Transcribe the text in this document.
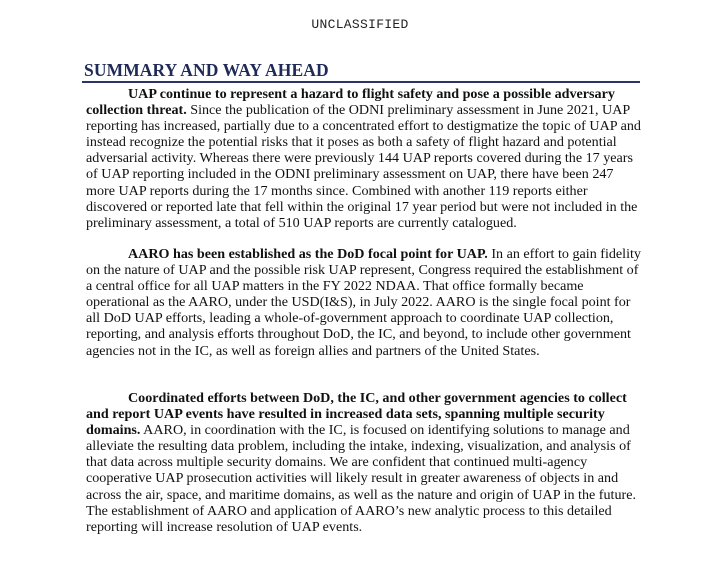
UNCLASSIFIED
SUMMARY AND WAY AHEAD

UAP continue to represent a hazard to flight safety and pose a possible adversary collection threat. Since the publication of the ODNI preliminary assessment in June 2021, UAP reporting has increased, partially due to a concentrated effort to destigmatize the topic of UAP and instead recognize the potential risks that it poses as both a safety of flight hazard and potential adversarial activity. Whereas there were previously 144 UAP reports covered during the 17 years of UAP reporting included in the ODNI preliminary assessment on UAP, there have been 247 more UAP reports during the 17 months since. Combined with another 119 reports either discovered or reported late that fell within the original 17 year period but were not included in the preliminary assessment, a total of 510 UAP reports are currently catalogued.

AARO has been established as the DoD focal point for UAP. In an effort to gain fidelity on the nature of UAP and the possible risk UAP represent, Congress required the establishment of a central office for all UAP matters in the FY 2022 NDAA. That office formally became operational as the AARO, under the USD(I&S), in July 2022. AARO is the single focal point for all DoD UAP efforts, leading a whole-of-government approach to coordinate UAP collection, reporting, and analysis efforts throughout DoD, the IC, and beyond, to include other government agencies not in the IC, as well as foreign allies and partners of the United States.

Coordinated efforts between DoD, the IC, and other government agencies to collect and report UAP events have resulted in increased data sets, spanning multiple security domains. AARO, in coordination with the IC, is focused on identifying solutions to manage and alleviate the resulting data problem, including the intake, indexing, visualization, and analysis of that data across multiple security domains. We are confident that continued multi-agency cooperative UAP prosecution activities will likely result in greater awareness of objects in and across the air, space, and maritime domains, as well as the nature and origin of UAP in the future. The establishment of AARO and application of AARO’s new analytic process to this detailed reporting will increase resolution of UAP events.
